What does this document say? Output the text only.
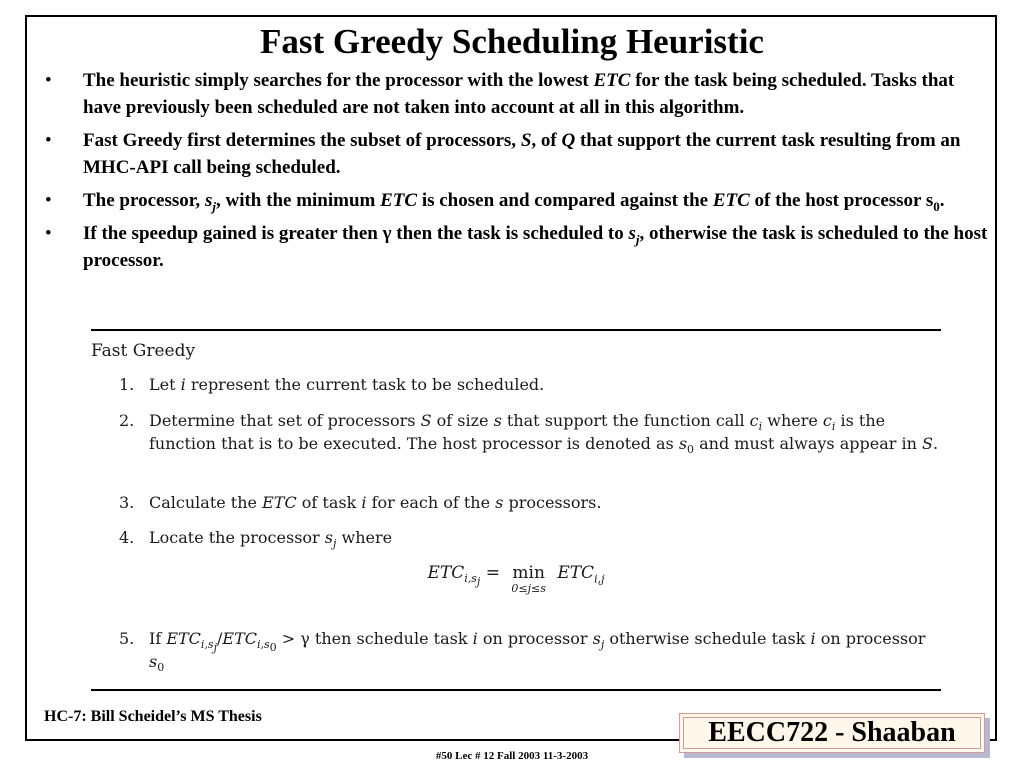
Fast Greedy Scheduling Heuristic
• The heuristic simply searches for the processor with the lowest ETC for the task being scheduled. Tasks that have previously been scheduled are not taken into account at all in this algorithm.
• Fast Greedy first determines the subset of processors, S, of Q that support the current task resulting from an MHC-API call being scheduled.
• The processor, $s_j$, with the minimum ETC is chosen and compared against the ETC of the host processor $s_0$.
• If the speedup gained is greater then γ then the task is scheduled to $s_j$, otherwise the task is scheduled to the host processor.
Fast Greedy
1. Let i represent the current task to be scheduled.
2. Determine that set of processors S of size s that support the function call $c_i$ where $c_i$ is the function that is to be executed. The host processor is denoted as $s_0$ and must always appear in S.
3. Calculate the ETC of task i for each of the s processors.
4. Locate the processor $s_j$ where
$ETC_{i,s_j} = \min$
0≤j≤s
$ETC_{i,j}$
5. If $ETC_{i,s_j}/ETC_{i,s_0} > \gamma$ then schedule task i on processor $s_j$ otherwise schedule task i on processor $s_0$
HC-7: Bill Scheidel’s MS Thesis
EECC722 - Shaaban
#50 Lec # 12 Fall 2003 11-3-2003
